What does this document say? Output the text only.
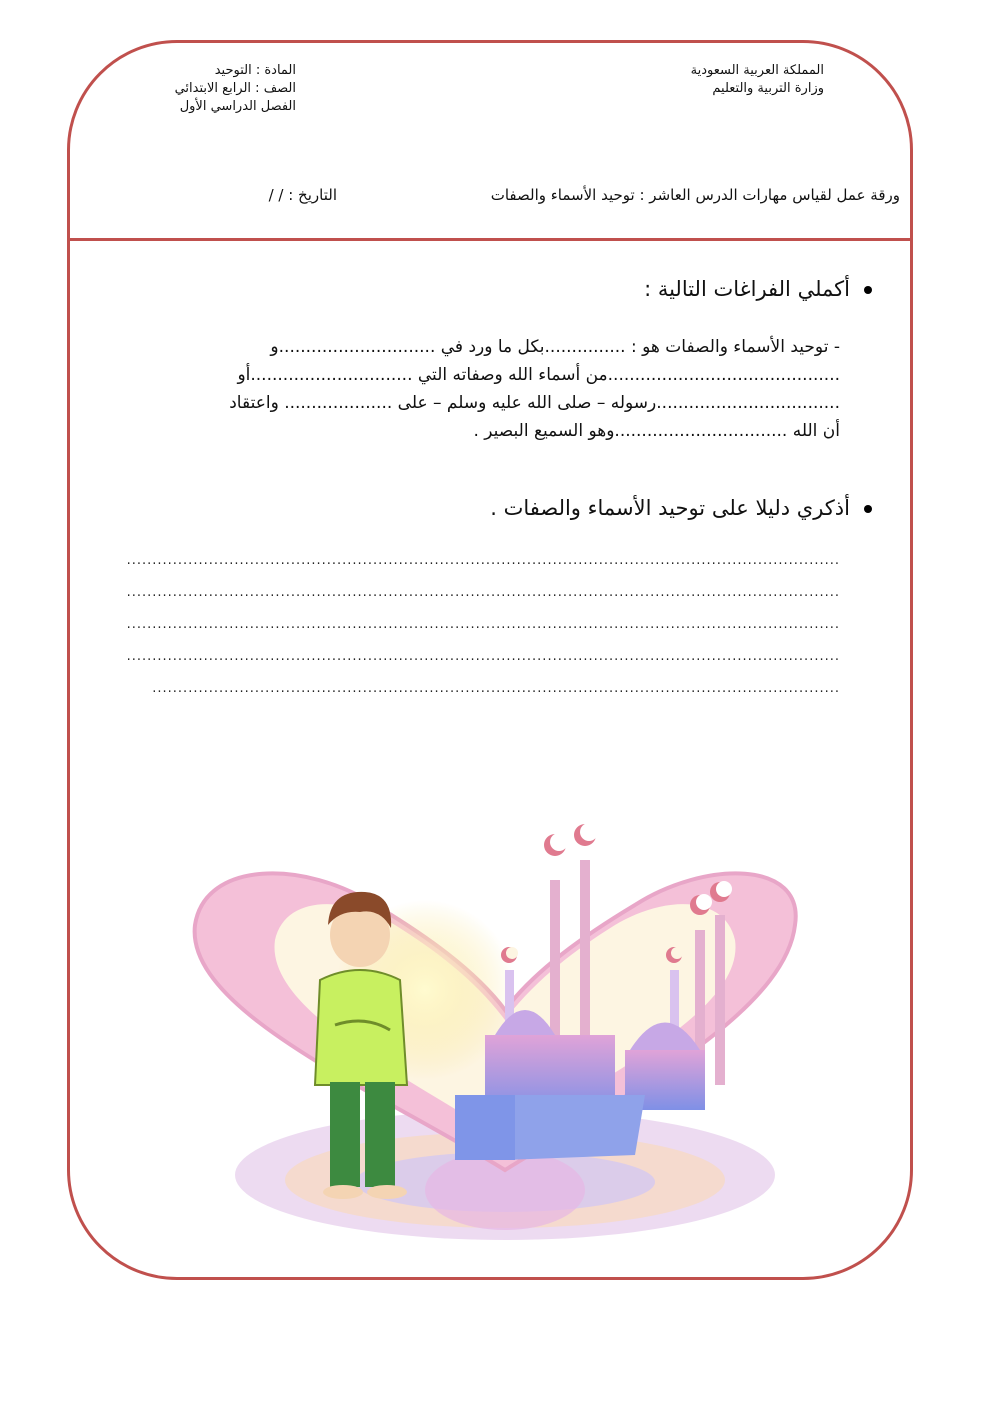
المملكة العربية السعودية
وزارة التربية والتعليم
المادة : التوحيد
الصف : الرابع الابتدائي
الفصل الدراسي الأول
ورقة عمل لقياس مهارات الدرس العاشر : توحيد الأسماء والصفات
التاريخ : / /
أكملي الفراغات التالية :
- توحيد الأسماء والصفات هو : ...............بكل ما ورد في .............................و
...........................................من أسماء الله وصفاته التي ..............................أو
..................................رسوله – صلى الله عليه وسلم – على .................... واعتقاد
أن الله ................................وهو السميع البصير .
أذكري دليلا على توحيد الأسماء والصفات .
...........................................................................................................................................
...........................................................................................................................................
...........................................................................................................................................
...........................................................................................................................................
......................................................................................................................................
